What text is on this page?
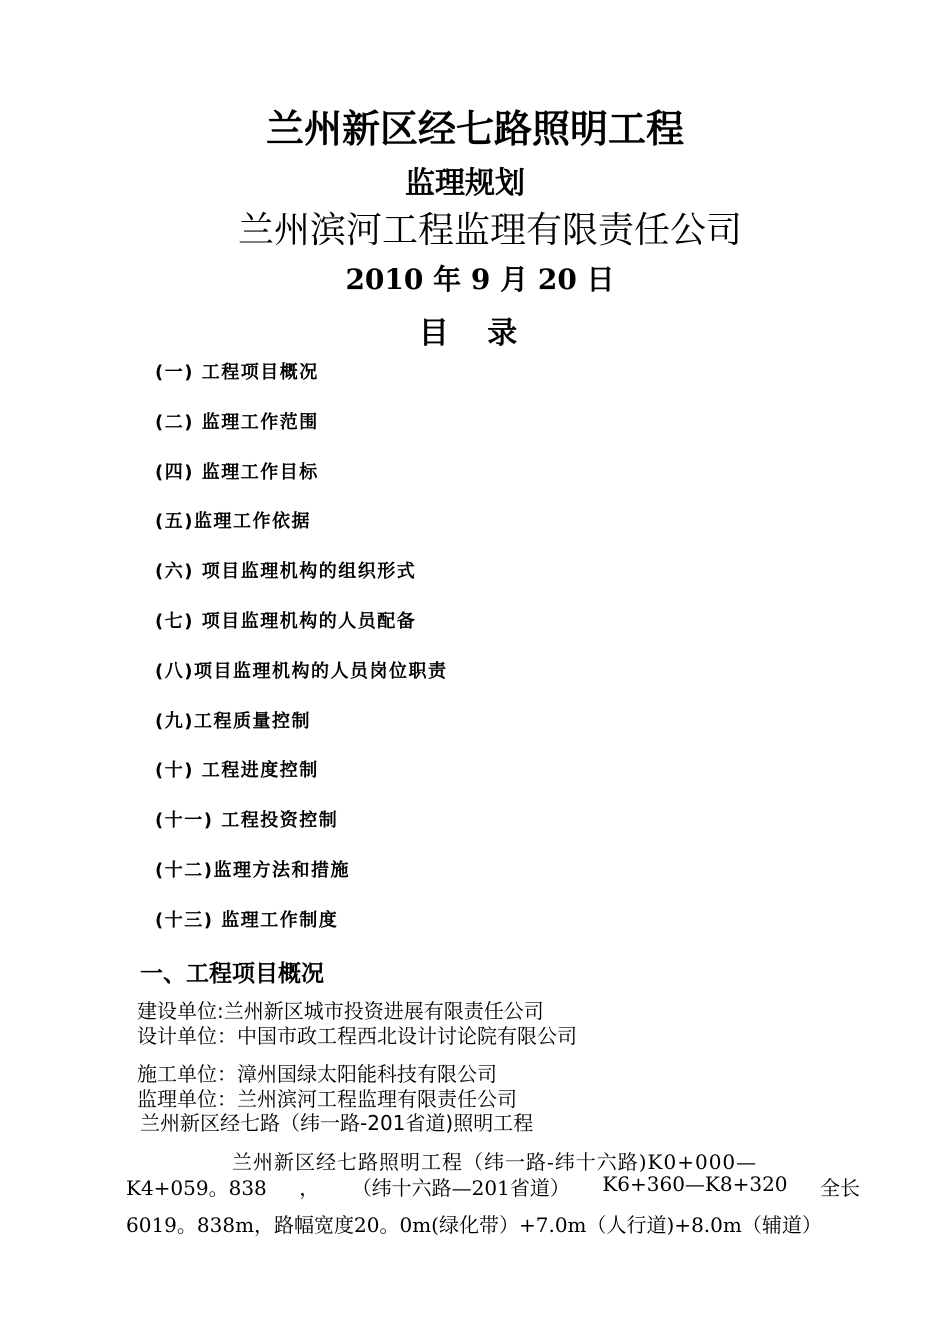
兰州新区经七路照明工程
监理规划
兰州滨河工程监理有限责任公司
2010 年 9 月 20 日
目 录
(一) 工程项目概况
(二) 监理工作范围
(四) 监理工作目标
(五)监理工作依据
(六) 项目监理机构的组织形式
(七) 项目监理机构的人员配备
(八)项目监理机构的人员岗位职责
(九)工程质量控制
(十) 工程进度控制
(十一) 工程投资控制
(十二)监理方法和措施
(十三) 监理工作制度
一、工程项目概况
建设单位:兰州新区城市投资进展有限责任公司
设计单位：中国市政工程西北设计讨论院有限公司
施工单位：漳州国绿太阳能科技有限公司
监理单位：兰州滨河工程监理有限责任公司
兰州新区经七路（纬一路-201省道)照明工程
兰州新区经七路照明工程（纬一路-纬十六路)K0+000—
K4+059。838 ， （纬十六路—201省道） K6+360—K8+320 全长
6019。838m，路幅宽度20。0m(绿化带）+7.0m（人行道)+8.0m（辅道）
